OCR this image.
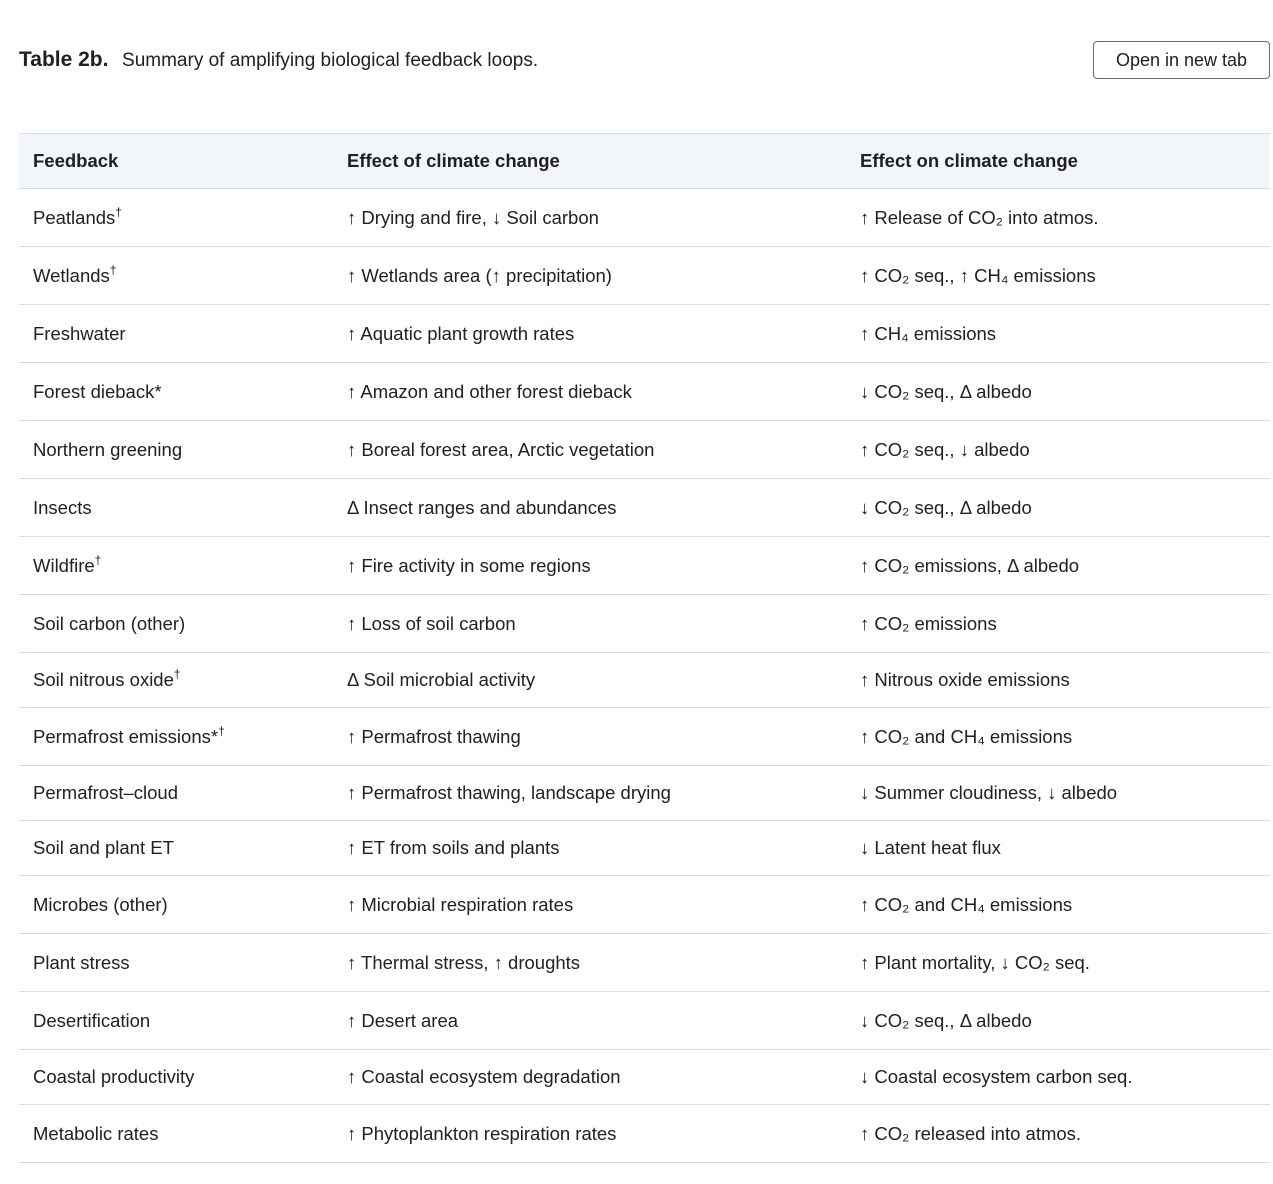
Table 2b. Summary of amplifying biological feedback loops.	Open in new tab
Feedback	Effect of climate change	Effect on climate change
Peatlands†	↑ Drying and fire, ↓ Soil carbon	↑ Release of CO₂ into atmos.
Wetlands†	↑ Wetlands area (↑ precipitation)	↑ CO₂ seq., ↑ CH₄ emissions
Freshwater	↑ Aquatic plant growth rates	↑ CH₄ emissions
Forest dieback*	↑ Amazon and other forest dieback	↓ CO₂ seq., Δ albedo
Northern greening	↑ Boreal forest area, Arctic vegetation	↑ CO₂ seq., ↓ albedo
Insects	Δ Insect ranges and abundances	↓ CO₂ seq., Δ albedo
Wildfire†	↑ Fire activity in some regions	↑ CO₂ emissions, Δ albedo
Soil carbon (other)	↑ Loss of soil carbon	↑ CO₂ emissions
Soil nitrous oxide†	Δ Soil microbial activity	↑ Nitrous oxide emissions
Permafrost emissions*†	↑ Permafrost thawing	↑ CO₂ and CH₄ emissions
Permafrost–cloud	↑ Permafrost thawing, landscape drying	↓ Summer cloudiness, ↓ albedo
Soil and plant ET	↑ ET from soils and plants	↓ Latent heat flux
Microbes (other)	↑ Microbial respiration rates	↑ CO₂ and CH₄ emissions
Plant stress	↑ Thermal stress, ↑ droughts	↑ Plant mortality, ↓ CO₂ seq.
Desertification	↑ Desert area	↓ CO₂ seq., Δ albedo
Coastal productivity	↑ Coastal ecosystem degradation	↓ Coastal ecosystem carbon seq.
Metabolic rates	↑ Phytoplankton respiration rates	↑ CO₂ released into atmos.
